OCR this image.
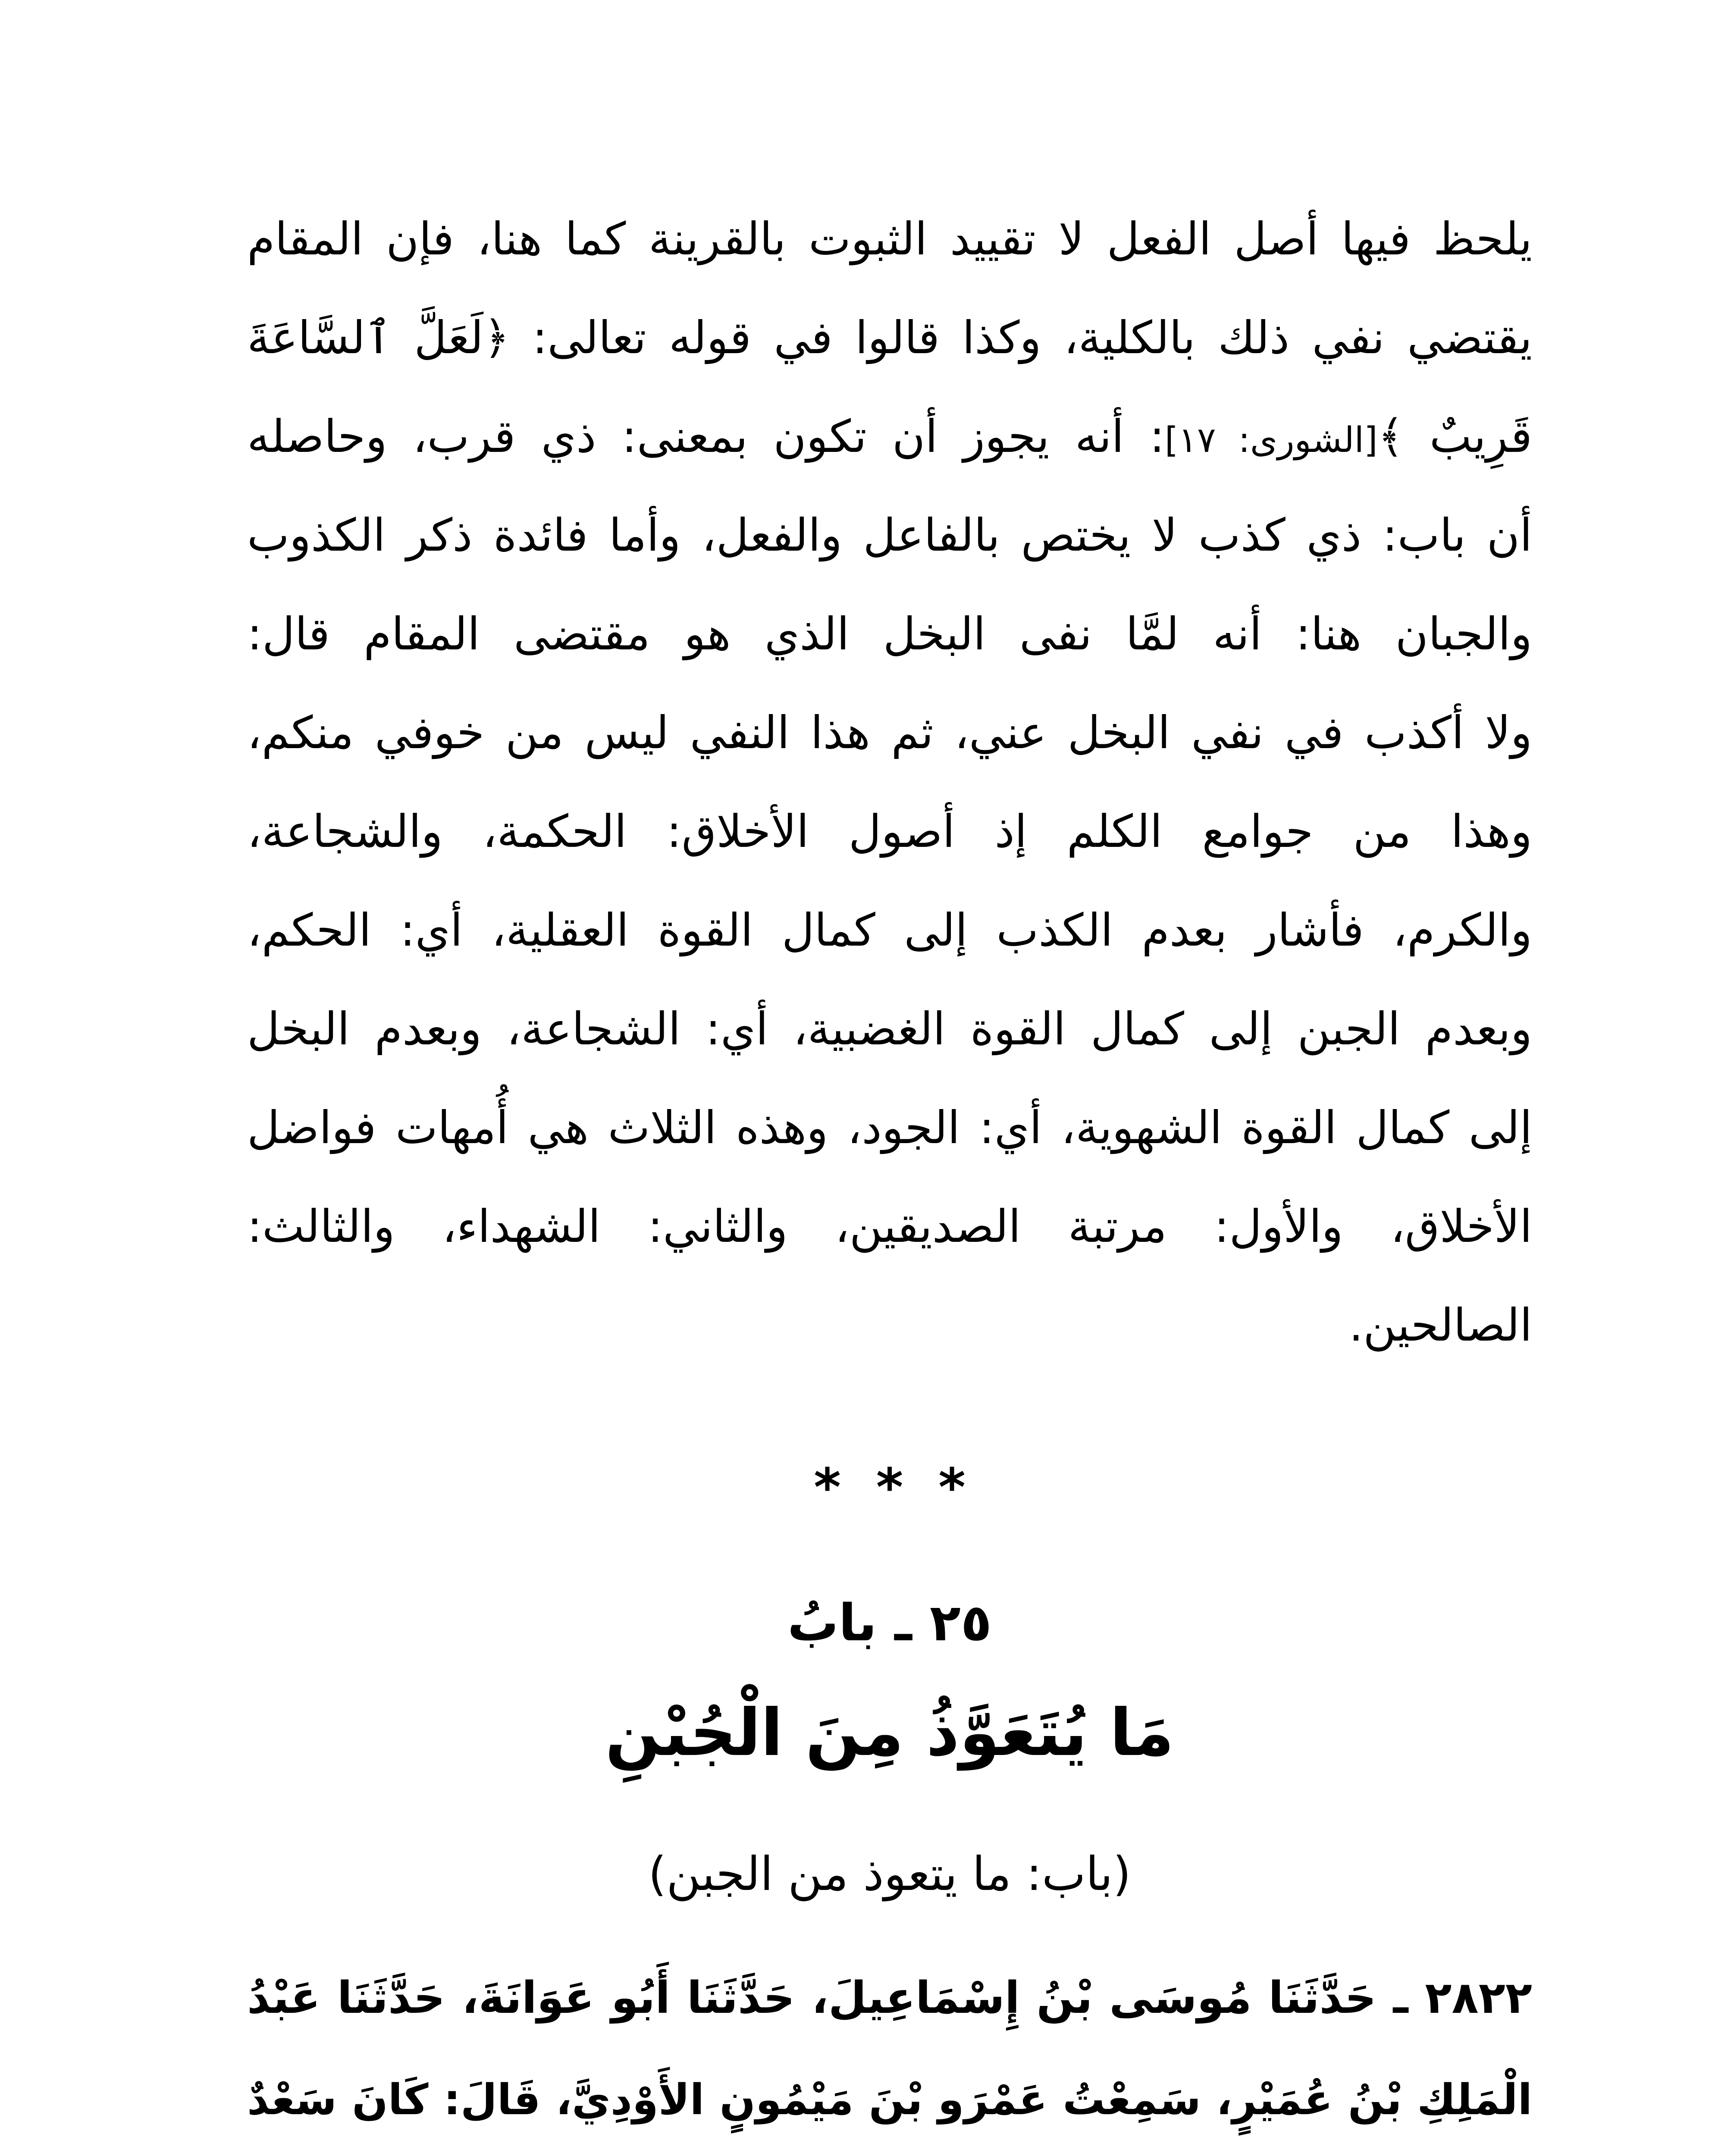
يلحظ فيها أصل الفعل لا تقييد الثبوت بالقرينة كما هنا، فإن المقام
يقتضي نفي ذلك بالكلية، وكذا قالوا في قوله تعالى: ﴿لَعَلَّ ٱلسَّاعَةَ
قَرِيبٌ ﴾[الشورى: ١٧]: أنه يجوز أن تكون بمعنى: ذي قرب، وحاصله
أن باب: ذي كذب لا يختص بالفاعل والفعل، وأما فائدة ذكر الكذوب
والجبان هنا: أنه لمَّا نفى البخل الذي هو مقتضى المقام قال:
ولا أكذب في نفي البخل عني، ثم هذا النفي ليس من خوفي منكم،
وهذا من جوامع الكلم إذ أصول الأخلاق: الحكمة، والشجاعة،
والكرم، فأشار بعدم الكذب إلى كمال القوة العقلية، أي: الحكم،
وبعدم الجبن إلى كمال القوة الغضبية، أي: الشجاعة، وبعدم البخل
إلى كمال القوة الشهوية، أي: الجود، وهذه الثلاث هي أُمهات فواضل
الأخلاق، والأول: مرتبة الصديقين، والثاني: الشهداء، والثالث:
الصالحين.
* * *
٢٥ ـ بابُ
مَا يُتَعَوَّذُ مِنَ الْجُبْنِ
(باب: ما يتعوذ من الجبن)
٢٨٢٢ ـ حَدَّثَنَا مُوسَى بْنُ إِسْمَاعِيلَ، حَدَّثَنَا أَبُو عَوَانَةَ، حَدَّثَنَا عَبْدُ
الْمَلِكِ بْنُ عُمَيْرٍ، سَمِعْتُ عَمْرَو بْنَ مَيْمُونٍ الأَوْدِيَّ، قَالَ: كَانَ سَعْدٌ
